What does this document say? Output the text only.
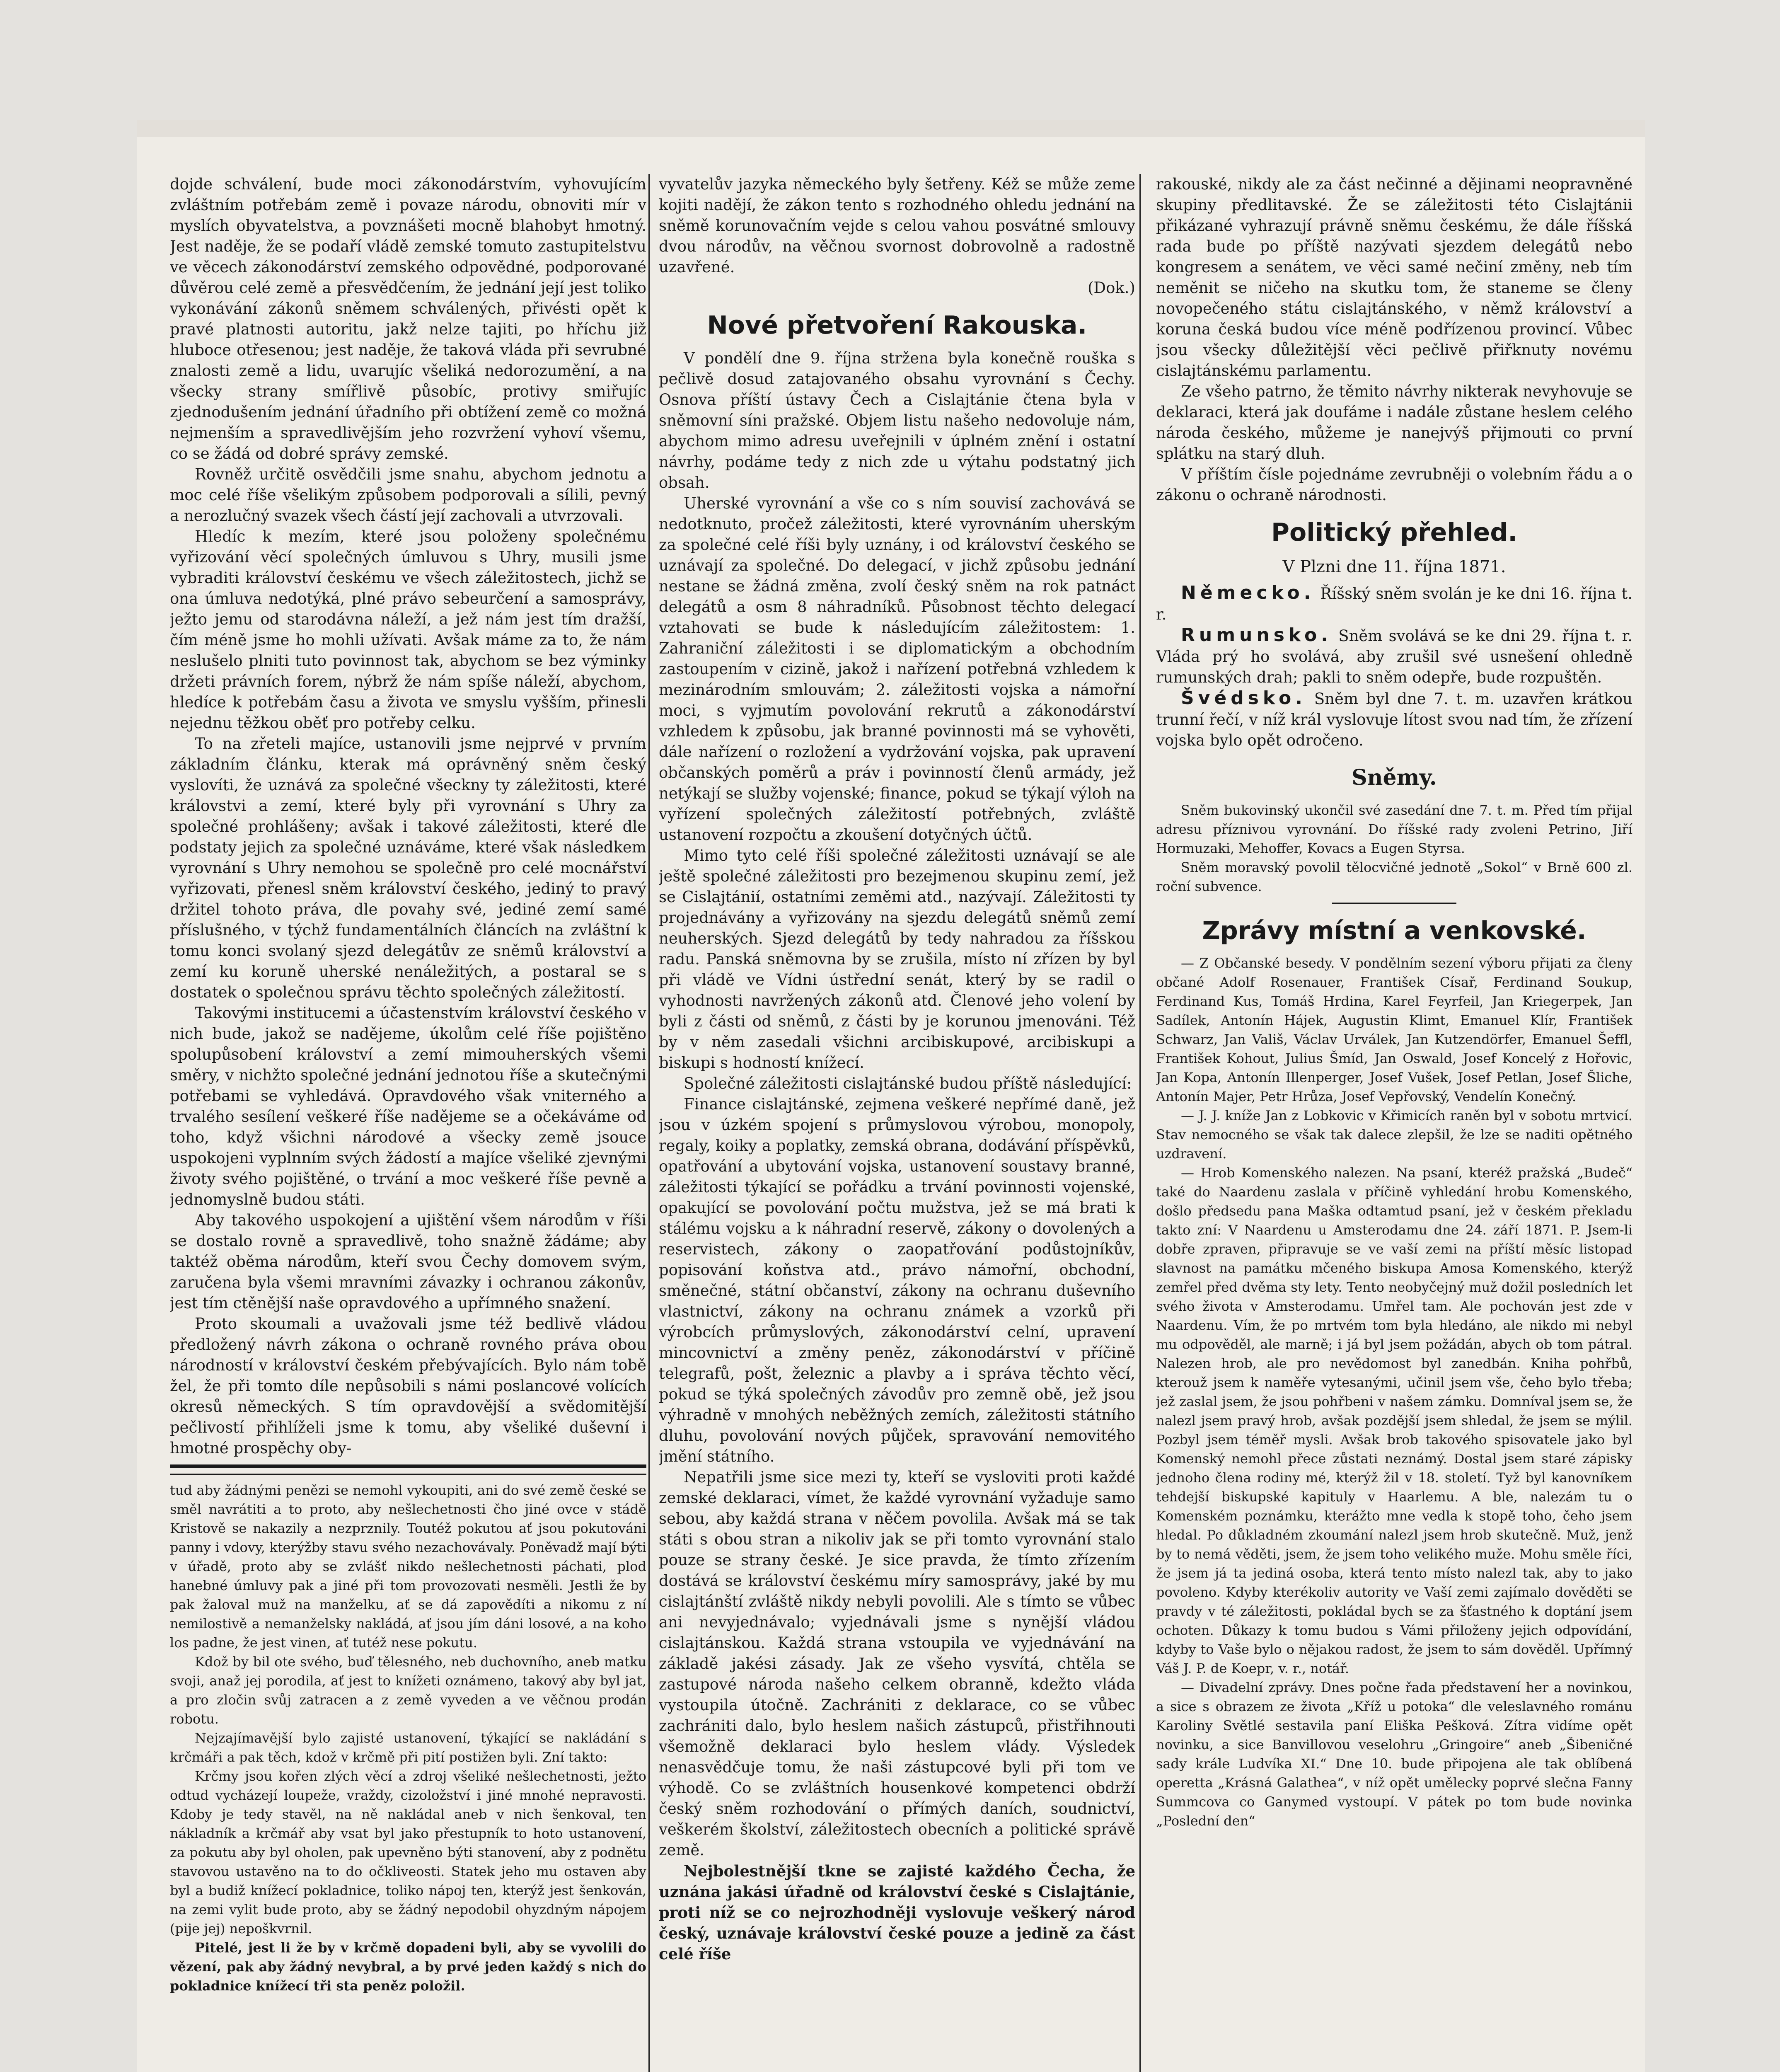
dojde schválení, bude moci zákonodárstvím, vyhovujícím zvláštním potřebám země i povaze národu, obnoviti mír v myslích obyvatelstva, a povznášeti mocně blahobyt hmotný. Jest naděje, že se podaří vládě zemské tomuto zastupitelstvu ve věcech zákonodárství zemského odpovědné, podporované důvěrou celé země a přesvědčením, že jednání její jest toliko vykonávání zákonů sněmem schválených, přivésti opět k pravé platnosti autoritu, jakž nelze tajiti, po hříchu již hluboce otřesenou; jest naděje, že taková vláda při sevrubné znalosti země a lidu, uvarujíc všeliká nedorozumění, a na všecky strany smířlivě působíc, protivy smiřujíc zjednodušením jednání úřadního při obtížení země co možná nejmenším a spravedlivějším jeho rozvržení vyhoví všemu, co se žádá od dobré správy zemské.

Rovněž určitě osvědčili jsme snahu, abychom jednotu a moc celé říše všelikým způsobem podporovali a sílili, pevný a nerozlučný svazek všech částí její zachovali a utvrzovali.

Hledíc k mezím, které jsou položeny společnému vyřizování věcí společných úmluvou s Uhry, musili jsme vybraditi království českému ve všech záležitostech, jichž se ona úmluva nedotýká, plné právo sebeurčení a samosprávy, ježto jemu od starodávna náleží, a jež nám jest tím dražší, čím méně jsme ho mohli užívati. Avšak máme za to, že nám neslušelo plniti tuto povinnost tak, abychom se bez výminky držeti právních forem, nýbrž že nám spíše náleží, abychom, hledíce k potřebám času a života ve smyslu vyšším, přinesli nejednu těžkou oběť pro potřeby celku.

To na zřeteli majíce, ustanovili jsme nejprvé v prvním základním článku, kterak má oprávněný sněm český vyslovíti, že uznává za společné všeckny ty záležitosti, které královstvi a zemí, které byly při vyrovnání s Uhry za společné prohlášeny; avšak i takové záležitosti, které dle podstaty jejich za společné uznáváme, které však následkem vyrovnání s Uhry nemohou se společně pro celé mocnářství vyřizovati, přenesl sněm království českého, jediný to pravý držitel tohoto práva, dle povahy své, jediné zemí samé příslušného, v týchž fundamentálních článcích na zvláštní k tomu konci svolaný sjezd delegátův ze sněmů království a zemí ku koruně uherské nenáležitých, a postaral se s dostatek o společnou správu těchto společných záležitostí.

Takovými institucemi a účastenstvím království českého v nich bude, jakož se nadějeme, úkolům celé říše pojištěno spolupůsobení království a zemí mimouherských všemi směry, v nichžto společné jednání jednotou říše a skutečnými potřebami se vyhledává. Opravdového však vniterného a trvalého sesílení veškeré říše nadějeme se a očekáváme od toho, když všichni národové a všecky země jsouce uspokojeni vyplnním svých žádostí a majíce všeliké zjevnými životy svého pojištěné, o trvání a moc veškeré říše pevně a jednomyslně budou státi.

Aby takového uspokojení a ujištění všem národům v říši se dostalo rovně a spravedlivě, toho snažně žádáme; aby taktéž oběma národům, kteří svou Čechy domovem svým, zaručena byla všemi mravními závazky i ochranou zákonův, jest tím ctěnější naše opravdového a upřímného snažení.

Proto skoumali a uvažovali jsme též bedlivě vládou předložený návrh zákona o ochraně rovného práva obou národností v království českém přebývajících. Bylo nám tobě žel, že při tomto díle nepůsobili s námi poslancové volících okresů německých. S tím opravdovější a svědomitější pečlivostí přihlíželi jsme k tomu, aby všeliké duševní i hmotné prospěchy oby-

tud aby žádnými penězi se nemohl vykoupiti, ani do své země české se směl navrátiti a to proto, aby nešlechetnosti čho jiné ovce v stádě Kristově se nakazily a nezprznily. Toutéž pokutou ať jsou pokutováni panny i vdovy, kterýžby stavu svého nezachovávaly. Poněvadž mají býti v úřadě, proto aby se zvlášť nikdo nešlechetnosti páchati, plod hanebné úmluvy pak a jiné při tom provozovati nesměli. Jestli že by pak žaloval muž na manželku, ať se dá zapovědíti a nikomu z ní nemilostivě a nemanželsky nakládá, ať jsou jím dáni losové, a na koho los padne, že jest vinen, ať tutéž nese pokutu.

Kdož by bil ote svého, buď tělesného, neb duchovního, aneb matku svoji, anaž jej porodila, ať jest to knížeti oznámeno, takový aby byl jat, a pro zločin svůj zatracen a z země vyveden a ve věčnou prodán robotu.

Nejzajímavější bylo zajisté ustanovení, týkající se nakládání s krčmáři a pak těch, kdož v krčmě při pití postižen byli. Zní takto:

Krčmy jsou kořen zlých věcí a zdroj všeliké nešlechetnosti, ježto odtud vycházejí loupeže, vraždy, cizoložství i jiné mnohé nepravosti. Kdoby je tedy stavěl, na ně nakládal aneb v nich šenkoval, ten nákladník a krčmář aby vsat byl jako přestupník to hoto ustanovení, za pokutu aby byl oholen, pak upevněno býti stanovení, aby z podnětu stavovou ustavěno na to do očkliveosti. Statek jeho mu ostaven aby byl a budiž knížecí pokladnice, toliko nápoj ten, kterýž jest šenkován, na zemi vylit bude proto, aby se žádný nepodobil ohyzdným nápojem (pije jej) nepoškvrnil.

Pitelé, jest li že by v krčmě dopadeni byli, aby se vyvolili do vězení, pak aby žádný nevybral, a by prvé jeden každý s nich do pokladnice knížecí tři sta peněz položil.

vyvatelův jazyka německého byly šetřeny. Kéž se může zeme kojiti nadějí, že zákon tento s rozhodného ohledu jednání na sněmě korunovačním vejde s celou vahou posvátné smlouvy dvou národův, na věčnou svornost dobrovolně a radostně uzavřené.

(Dok.)

Nové přetvoření Rakouska.

V pondělí dne 9. října stržena byla konečně rouška s pečlivě dosud zatajovaného obsahu vyrovnání s Čechy. Osnova příští ústavy Čech a Cislajtánie čtena byla v sněmovní síni pražské. Objem listu našeho nedovoluje nám, abychom mimo adresu uveřejnili v úplném znění i ostatní návrhy, podáme tedy z nich zde u výtahu podstatný jich obsah.

Uherské vyrovnání a vše co s ním souvisí zachovává se nedotknuto, pročež záležitosti, které vyrovnáním uherským za společné celé říši byly uznány, i od království českého se uznávají za společné. Do delegací, v jichž způsobu jednání nestane se žádná změna, zvolí český sněm na rok patnáct delegátů a osm 8 náhradníků. Působnost těchto delegací vztahovati se bude k následujícím záležitostem: 1. Zahraniční záležitosti i se diplomatickým a obchodním zastoupením v cizině, jakož i nařízení potřebná vzhledem k mezinárodním smlouvám; 2. záležitosti vojska a námořní moci, s vyjmutím povolování rekrutů a zákonodárství vzhledem k způsobu, jak branné povinnosti má se vyhověti, dále nařízení o rozložení a vydržování vojska, pak upravení občanských poměrů a práv i povinností členů armády, jež netýkají se služby vojenské; finance, pokud se týkají výloh na vyřízení společných záležitostí potřebných, zvláště ustanovení rozpočtu a zkoušení dotyčných účtů.

Mimo tyto celé říši společné záležitosti uznávají se ale ještě společné záležitosti pro bezejmenou skupinu zemí, jež se Cislajtánií, ostatními zeměmi atd., nazývají. Záležitosti ty projednávány a vyřizovány na sjezdu delegátů sněmů zemí neuherských. Sjezd delegátů by tedy nahradou za říšskou radu. Panská sněmovna by se zrušila, místo ní zřízen by byl při vládě ve Vídni ústřední senát, který by se radil o vyhodnosti navržených zákonů atd. Členové jeho volení by byli z části od sněmů, z části by je korunou jmenováni. Též by v něm zasedali všichni arcibiskupové, arcibiskupi a biskupi s hodností knížecí.

Společné záležitosti cislajtánské budou příště následující:

Finance cislajtánské, zejmena veškeré nepřímé daně, jež jsou v úzkém spojení s průmyslovou výrobou, monopoly, regaly, koiky a poplatky, zemská obrana, dodávání příspěvků, opatřování a ubytování vojska, ustanovení soustavy branné, záležitosti týkající se pořádku a trvání povinnosti vojenské, opakující se povolování počtu mužstva, jež se má brati k stálému vojsku a k náhradní reservě, zákony o dovolených a reservistech, zákony o zaopatřování podůstojníkův, popisování koňstva atd., právo námořní, obchodní, směnečné, státní občanství, zákony na ochranu duševního vlastnictví, zákony na ochranu známek a vzorků při výrobcích průmyslových, zákonodárství celní, upravení mincovnictví a změny peněz, zákonodárství v příčině telegrafů, pošt, železnic a plavby a i správa těchto věcí, pokud se týká společných závodův pro zemně obě, jež jsou výhradně v mnohých neběžných zemích, záležitosti státního dluhu, povolování nových půjček, spravování nemovitého jmění státního.

Nepatřili jsme sice mezi ty, kteří se vysloviti proti každé zemské deklaraci, vímet, že každé vyrovnání vyžaduje samo sebou, aby každá strana v něčem povolila. Avšak má se tak státi s obou stran a nikoliv jak se při tomto vyrovnání stalo pouze se strany české. Je sice pravda, že tímto zřízením dostává se království českému míry samosprávy, jaké by mu cislajtánští zvláště nikdy nebyli povolili. Ale s tímto se vůbec ani nevyjednávalo; vyjednávali jsme s nynější vládou cislajtánskou. Každá strana vstoupila ve vyjednávání na základě jakési zásady. Jak ze všeho vysvítá, chtěla se zastupové národa našeho celkem obranně, kdežto vláda vystoupila útočně. Zachrániti z deklarace, co se vůbec zachrániti dalo, bylo heslem našich zástupců, přistřihnouti všemožně deklaraci bylo heslem vlády. Výsledek nenasvědčuje tomu, že naši zástupcové byli při tom ve výhodě. Co se zvláštních housenkové kompetenci obdrží český sněm rozhodování o přímých daních, soudnictví, veškerém školství, záležitostech obecních a politické správě země.

Nejbolestnější tkne se zajisté každého Čecha, že uznána jakási úřadně od království české s Cislajtánie, proti níž se co nejrozhodněji vyslovuje veškerý národ český, uznávaje království české pouze a jedině za část celé říše

rakouské, nikdy ale za část nečinné a dějinami neopravněné skupiny předlitavské. Že se záležitosti této Cislajtánii přikázané vyhrazují právně sněmu českému, že dále říšská rada bude po příště nazývati sjezdem delegátů nebo kongresem a senátem, ve věci samé nečiní změny, neb tím neměnit se ničeho na skutku tom, že staneme se členy novopečeného státu cislajtánského, v němž království a koruna česká budou více méně podřízenou provincí. Vůbec jsou všecky důležitější věci pečlivě přiřknuty novému cislajtánskému parlamentu.

Ze všeho patrno, že těmito návrhy nikterak nevyhovuje se deklaraci, která jak doufáme i nadále zůstane heslem celého národa českého, můžeme je nanejvýš přijmouti co první splátku na starý dluh.

V příštím čísle pojednáme zevrubněji o volebním řádu a o zákonu o ochraně národnosti.

Politický přehled.
V Plzni dne 11. října 1871.

Německo. Říšský sněm svolán je ke dni 16. října t. r.

Rumunsko. Sněm svolává se ke dni 29. října t. r. Vláda prý ho svolává, aby zrušil své usnešení ohledně rumunských drah; pakli to sněm odepře, bude rozpuštěn.

Švédsko. Sněm byl dne 7. t. m. uzavřen krátkou trunní řečí, v níž král vyslovuje lítost svou nad tím, že zřízení vojska bylo opět odročeno.

Sněmy.

Sněm bukovinský ukončil své zasedání dne 7. t. m. Před tím přijal adresu příznivou vyrovnání. Do říšské rady zvoleni Petrino, Jiří Hormuzaki, Mehoffer, Kovacs a Eugen Styrsa.

Sněm moravský povolil tělocvičné jednotě „Sokol“ v Brně 600 zl. roční subvence.

Zprávy místní a venkovské.

— Z Občanské besedy. V pondělním sezení výboru přijati za členy občané Adolf Rosenauer, František Císař, Ferdinand Soukup, Ferdinand Kus, Tomáš Hrdina, Karel Feyrfeil, Jan Kriegerpek, Jan Sadílek, Antonín Hájek, Augustin Klimt, Emanuel Klír, František Schwarz, Jan Vališ, Václav Urválek, Jan Kutzendörfer, Emanuel Šeffl, František Kohout, Julius Šmíd, Jan Oswald, Josef Koncelý z Hořovic, Jan Kopa, Antonín Illenperger, Josef Vušek, Josef Petlan, Josef Šliche, Antonín Majer, Petr Hrůza, Josef Vepřovský, Vendelín Konečný.

— J. J. kníže Jan z Lobkovic v Křimicích raněn byl v sobotu mrtvicí. Stav nemocného se však tak dalece zlepšil, že lze se naditi opětného uzdravení.

— Hrob Komenského nalezen. Na psaní, kteréž pražská „Budeč“ také do Naardenu zaslala v příčině vyhledání hrobu Komenského, došlo předsedu pana Maška odtamtud psaní, jež v českém překladu takto zní: V Naardenu u Amsterodamu dne 24. září 1871. P. Jsem-li dobře zpraven, připravuje se ve vaší zemi na příští měsíc listopad slavnost na památku mčeného biskupa Amosa Komenského, kterýž zemřel před dvěma sty lety. Tento neobyčejný muž dožil posledních let svého života v Amsterodamu. Umřel tam. Ale pochován jest zde v Naardenu. Vím, že po mrtvém tom byla hledáno, ale nikdo mi nebyl mu odpověděl, ale marně; i já byl jsem požádán, abych ob tom pátral. Nalezen hrob, ale pro nevědomost byl zanedbán. Kniha pohřbů, kterouž jsem k naměře vytesanými, učinil jsem vše, čeho bylo třeba; jež zaslal jsem, že jsou pohřbeni v našem zámku. Domníval jsem se, že nalezl jsem pravý hrob, avšak pozdější jsem shledal, že jsem se mýlil. Pozbyl jsem téměř mysli. Avšak brob takového spisovatele jako byl Komenský nemohl přece zůstati neznámý. Dostal jsem staré zápisky jednoho člena rodiny mé, kterýž žil v 18. století. Tyž byl kanovníkem tehdejší biskupské kapituly v Haarlemu. A ble, nalezám tu o Komenském poznámku, kterážto mne vedla k stopě toho, čeho jsem hledal. Po důkladném zkoumání nalezl jsem hrob skutečně. Muž, jenž by to nemá věděti, jsem, že jsem toho velikého muže. Mohu směle říci, že jsem já ta jediná osoba, která tento místo nalezl tak, aby to jako povoleno. Kdyby kterékoliv autority ve Vaší zemi zajímalo dověděti se pravdy v té záležitosti, pokládal bych se za šťastného k doptání jsem ochoten. Důkazy k tomu budou s Vámi přiloženy jejich odpovídání, kdyby to Vaše bylo o nějakou radost, že jsem to sám dověděl. Upřímný Váš J. P. de Koepr, v. r., notář.

— Divadelní zprávy. Dnes počne řada představení her a novinkou, a sice s obrazem ze života „Kříž u potoka“ dle veleslavného románu Karoliny Světlé sestavila paní Eliška Pešková. Zítra vidíme opět novinku, a sice Banvillovou veselohru „Gringoire“ aneb „Šibeničné sady krále Ludvíka XI.“ Dne 10. bude připojena ale tak oblíbená operetta „Krásná Galathea“, v níž opět umělecky poprvé slečna Fanny Summcova co Ganymed vystoupí. V pátek po tom bude novinka „Poslední den“
